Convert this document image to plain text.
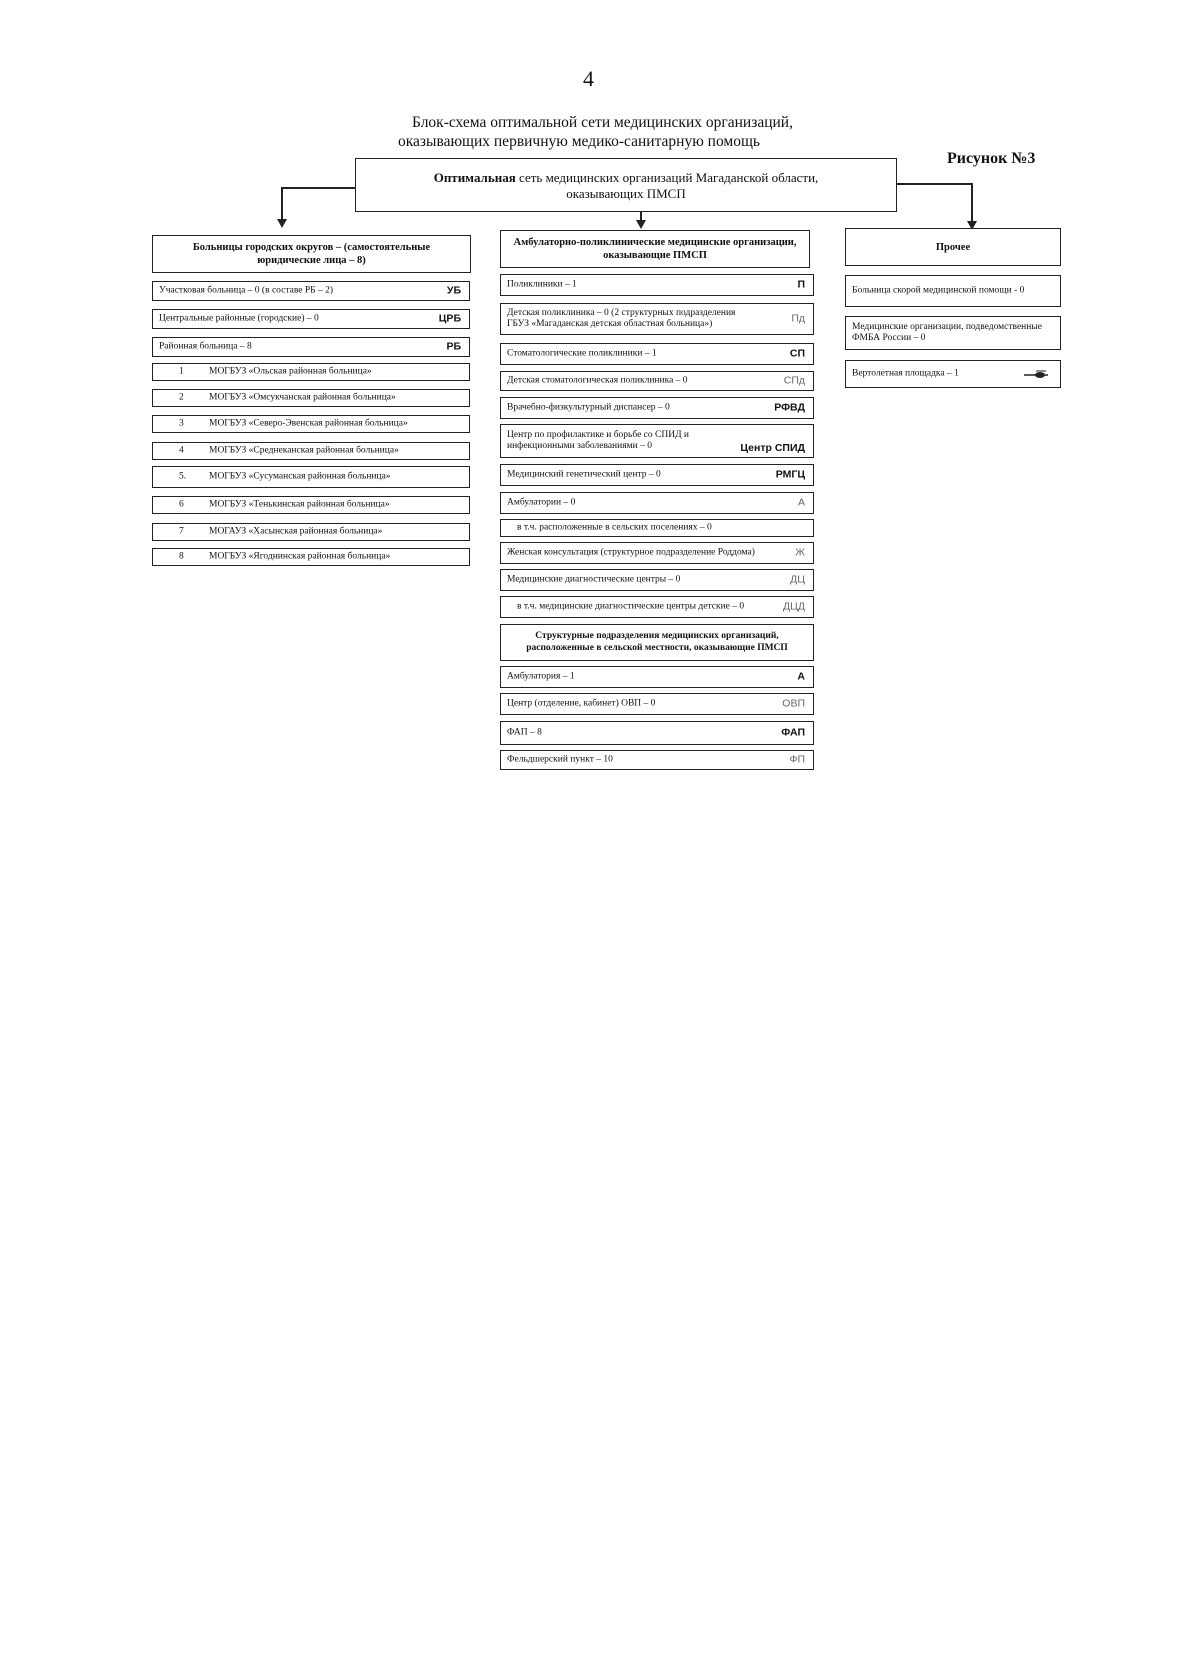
4
Блок-схема оптимальной сети медицинских организаций,
оказывающих первичную медико-санитарную помощь
Рисунок №3
Оптимальная сеть медицинских организаций Магаданской области,
оказывающих ПМСП
Больницы городских округов – (самостоятельные юридические лица – 8)
Участковая больница – 0 (в составе РБ – 2)	УБ
Центральные районные (городские) – 0	ЦРБ
Районная больница – 8	РБ
1	МОГБУЗ «Ольская районная больница»
2	МОГБУЗ «Омсукчанская районная больница»
3	МОГБУЗ «Северо-Эвенская районная больница»
4	МОГБУЗ «Среднеканская районная больница»
5. МОГБУЗ «Сусуманская районная больница»
6	МОГБУЗ «Тенькинская районная больница»
7	МОГАУЗ «Хасынская районная больница»
8	МОГБУЗ «Ягоднинская районная больница»
Амбулаторно-поликлинические медицинские организации, оказывающие ПМСП
Поликлиники – 1	П
Детская поликлиника – 0 (2 структурных подразделения ГБУЗ «Магаданская детская областная больница»)	Пд
Стоматологические поликлиники – 1	СП
Детская стоматологическая поликлиника – 0	СПд
Врачебно-физкультурный диспансер – 0	РФВД
Центр по профилактике и борьбе со СПИД и инфекционными заболеваниями – 0	Центр СПИД
Медицинский генетический центр – 0	РМГЦ
Амбулатории – 0	А
в т.ч. расположенные в сельских поселениях – 0
Женская консультация (структурное подразделение Роддома)	Ж
Медицинские диагностические центры – 0	ДЦ
в т.ч. медицинские диагностические центры детские – 0	ДЦД
Структурные подразделения медицинских организаций, расположенные в сельской местности, оказывающие ПМСП
Амбулатория – 1	А
Центр (отделение, кабинет) ОВП – 0	ОВП
ФАП – 8	ФАП
Фельдшерский пункт – 10	ФП
Прочее
Больница скорой медицинской помощи - 0
Медицинские организации, подведомственные ФМБА России – 0
Вертолетная площадка – 1
